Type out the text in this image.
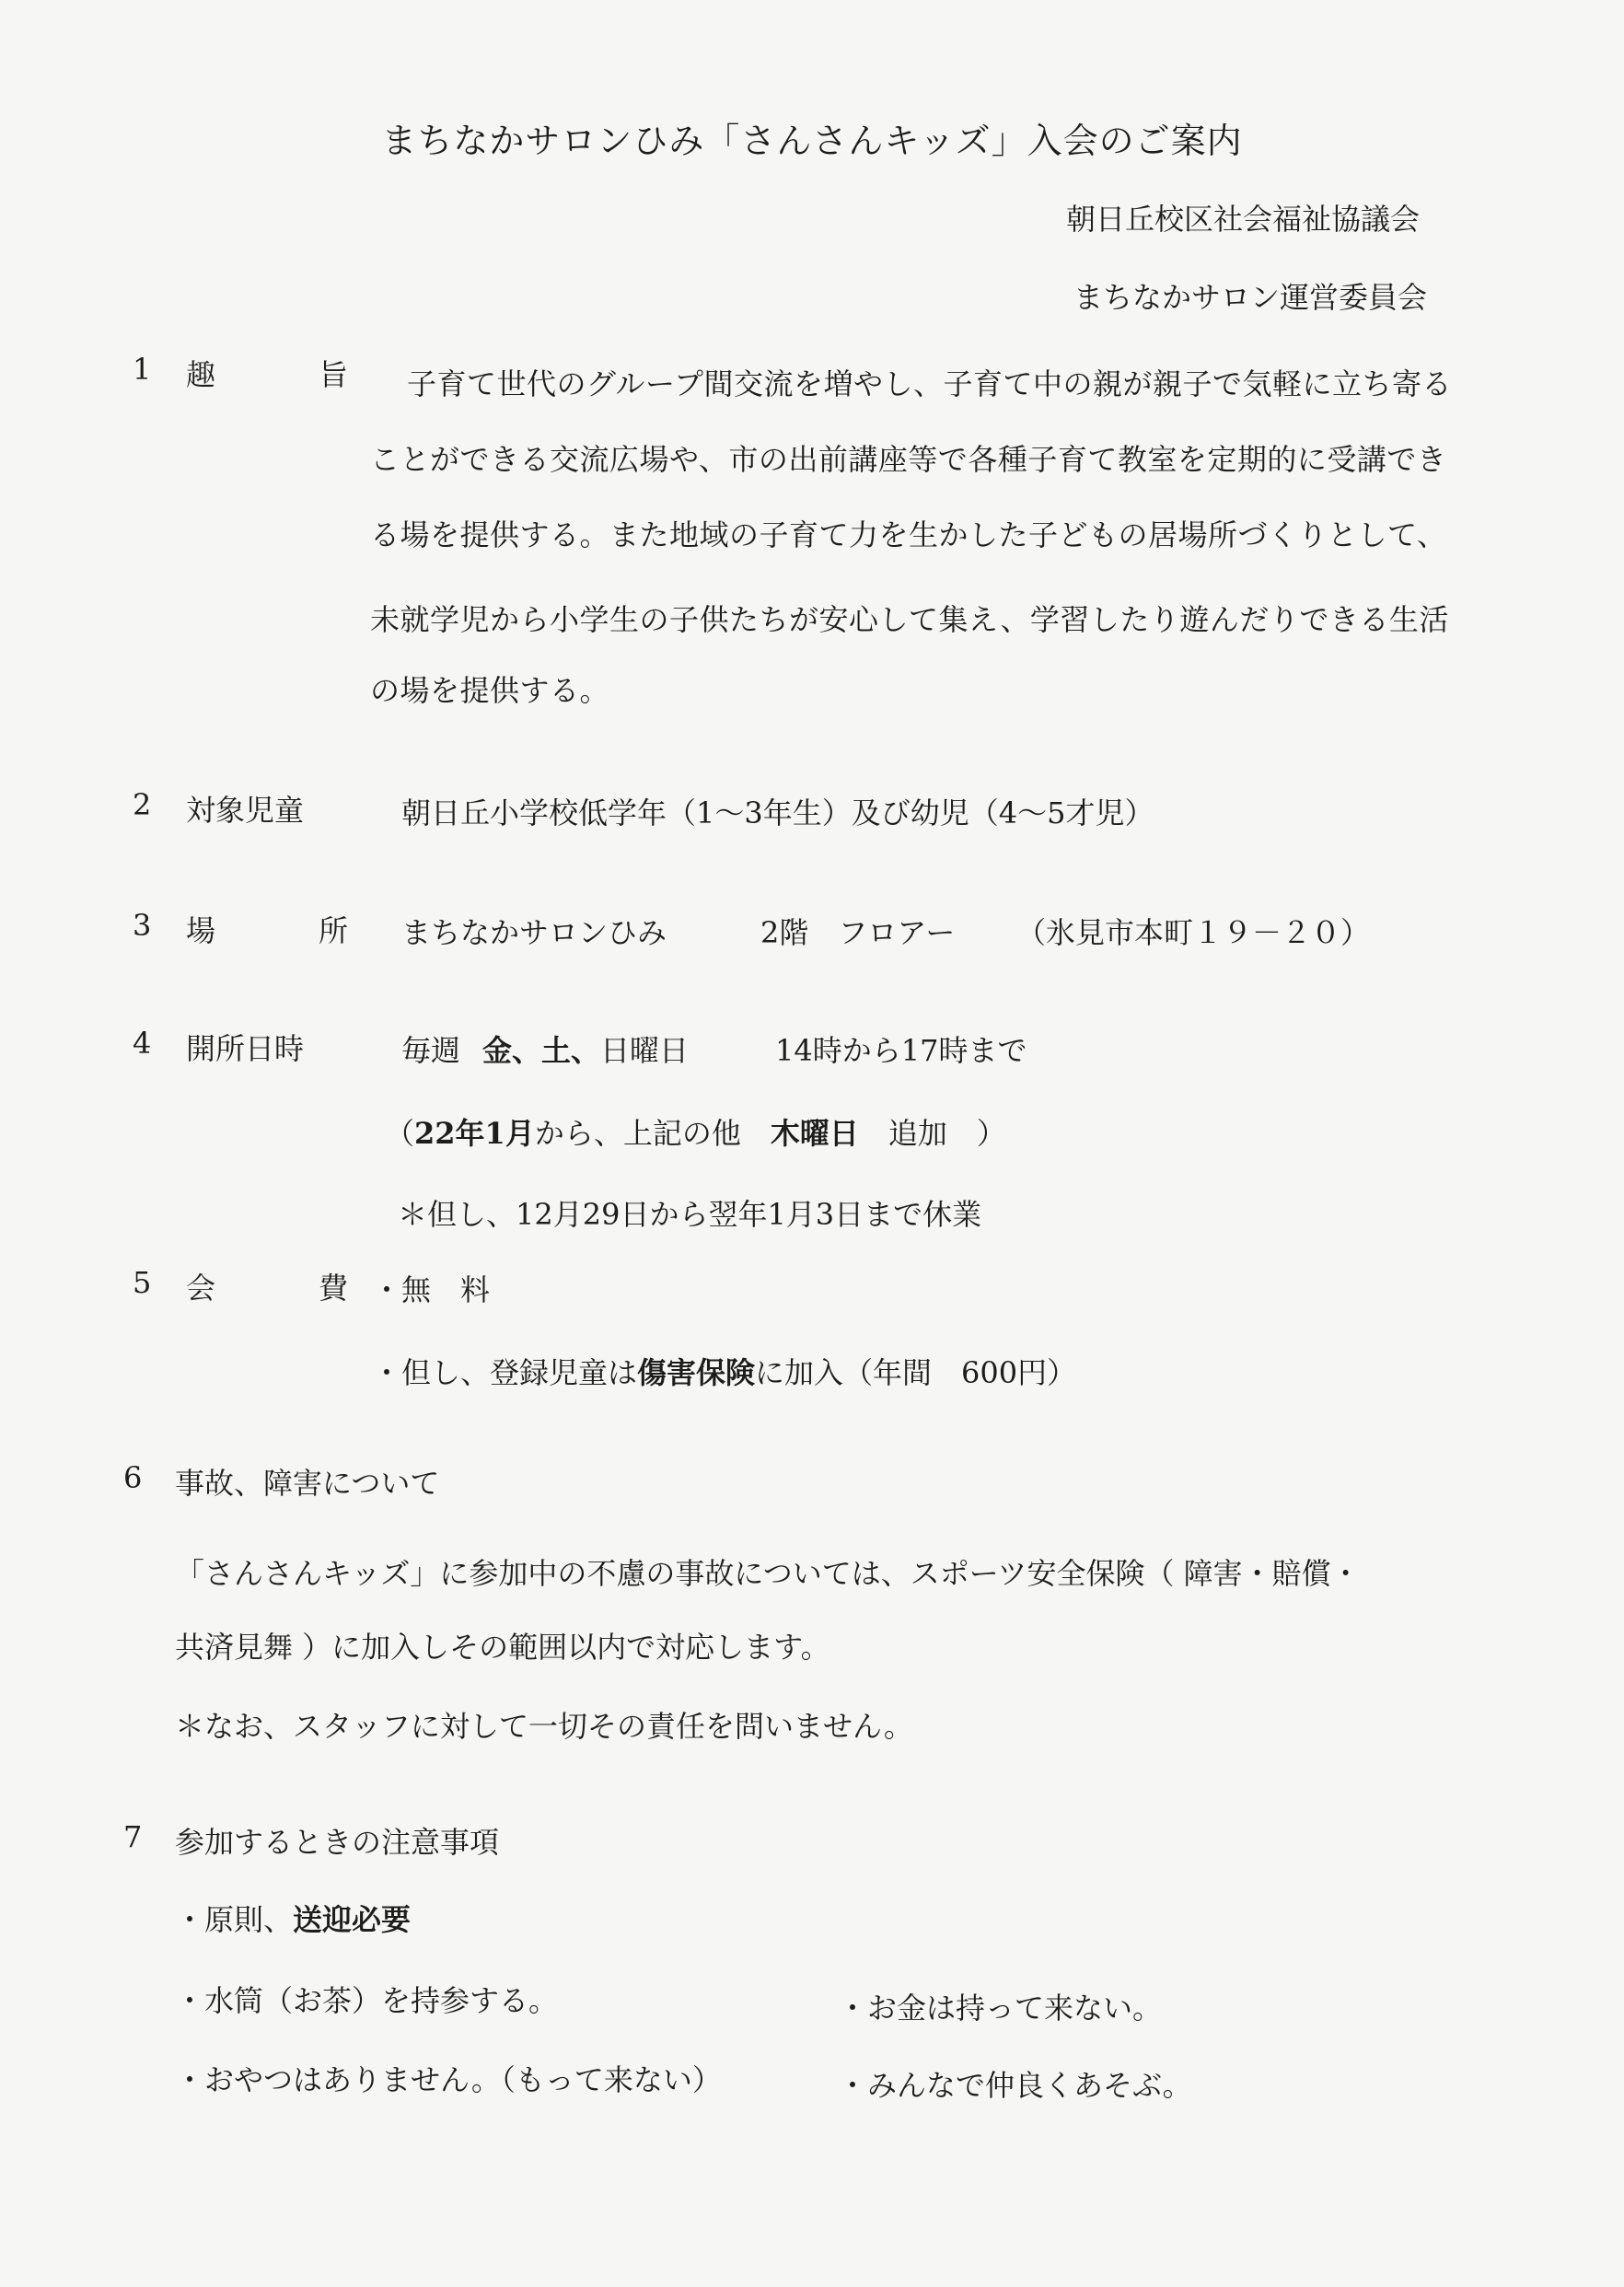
まちなかサロンひみ「さんさんキッズ」入会のご案内
朝日丘校区社会福祉協議会
まちなかサロン運営委員会
1 趣　旨 子育て世代のグループ間交流を増やし、子育て中の親が親子で気軽に立ち寄る
ことができる交流広場や、市の出前講座等で各種子育て教室を定期的に受講でき
る場を提供する。また地域の子育て力を生かした子どもの居場所づくりとして、
未就学児から小学生の子供たちが安心して集え、学習したり遊んだりできる生活
の場を提供する。
2 対象児童	朝日丘小学校低学年（1～3年生）及び幼児（4～5才児）
3 場　所 まちなかサロンひみ	2階　フロアー （氷見市本町１９－２０）
4 開所日時	毎週 金、土、日曜日	14時から17時まで
（22年1月から、上記の他　木曜日　追加　）
＊但し、12月29日から翌年1月3日まで休業
5 会　費
・無　料
・但し、登録児童は傷害保険に加入（年間　600円）
6 事故、障害について
「さんさんキッズ」に参加中の不慮の事故については、スポーツ安全保険（ 障害・賠償・
共済見舞 ）に加入しその範囲以内で対応します。
＊なお、スタッフに対して一切その責任を問いません。
7 参加するときの注意事項
・原則、送迎必要
・水筒（お茶）を持参する。	・お金は持って来ない。
・おやつはありません。（もって来ない）	・みんなで仲良くあそぶ。
